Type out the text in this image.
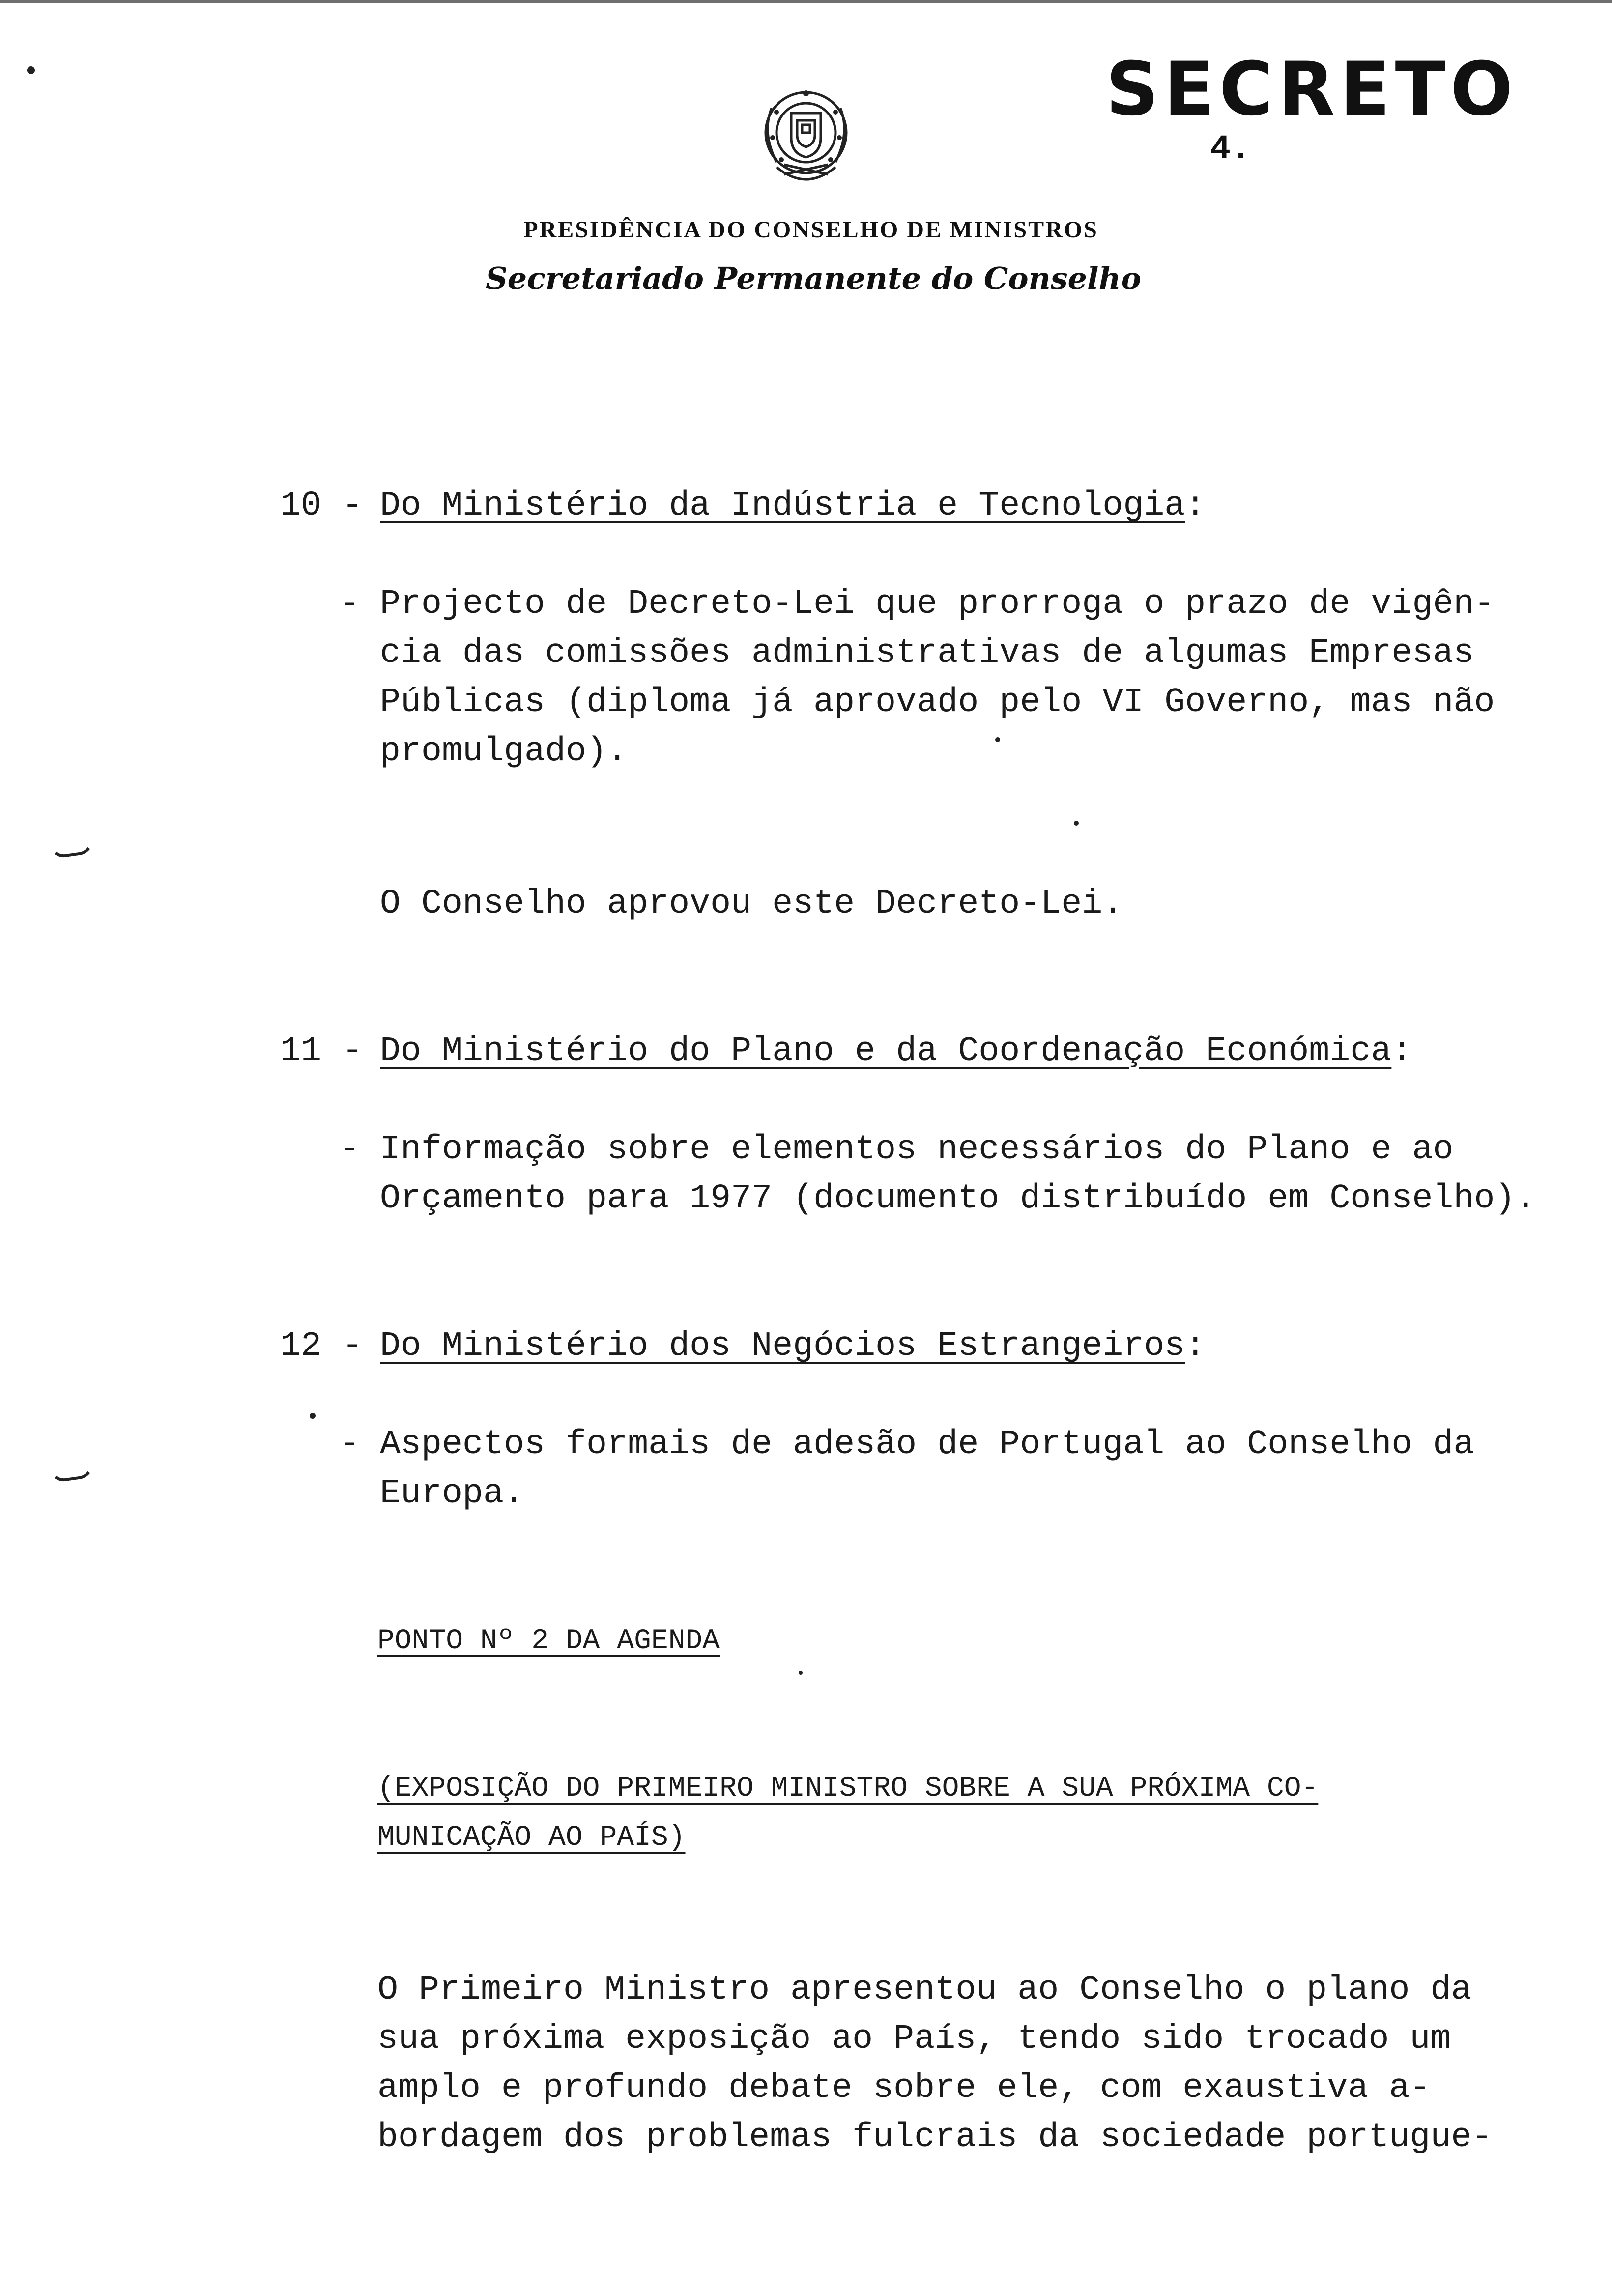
SECRETO
4.
PRESIDÊNCIA DO CONSELHO DE MINISTROS
Secretariado Permanente do Conselho
10 - Do Ministério da Indústria e Tecnologia:
- Projecto de Decreto-Lei que prorroga o prazo de vigên-
cia das comissões administrativas de algumas Empresas
Públicas (diploma já aprovado pelo VI Governo, mas não
promulgado).
O Conselho aprovou este Decreto-Lei.
11 - Do Ministério do Plano e da Coordenação Económica:
- Informação sobre elementos necessários do Plano e ao
Orçamento para 1977 (documento distribuído em Conselho).
12 - Do Ministério dos Negócios Estrangeiros:
- Aspectos formais de adesão de Portugal ao Conselho da
Europa.
PONTO Nº 2 DA AGENDA
(EXPOSIÇÃO DO PRIMEIRO MINISTRO SOBRE A SUA PRÓXIMA CO-
MUNICAÇÃO AO PAÍS)
O Primeiro Ministro apresentou ao Conselho o plano da
sua próxima exposição ao País, tendo sido trocado um
amplo e profundo debate sobre ele, com exaustiva a-
bordagem dos problemas fulcrais da sociedade portugue-
